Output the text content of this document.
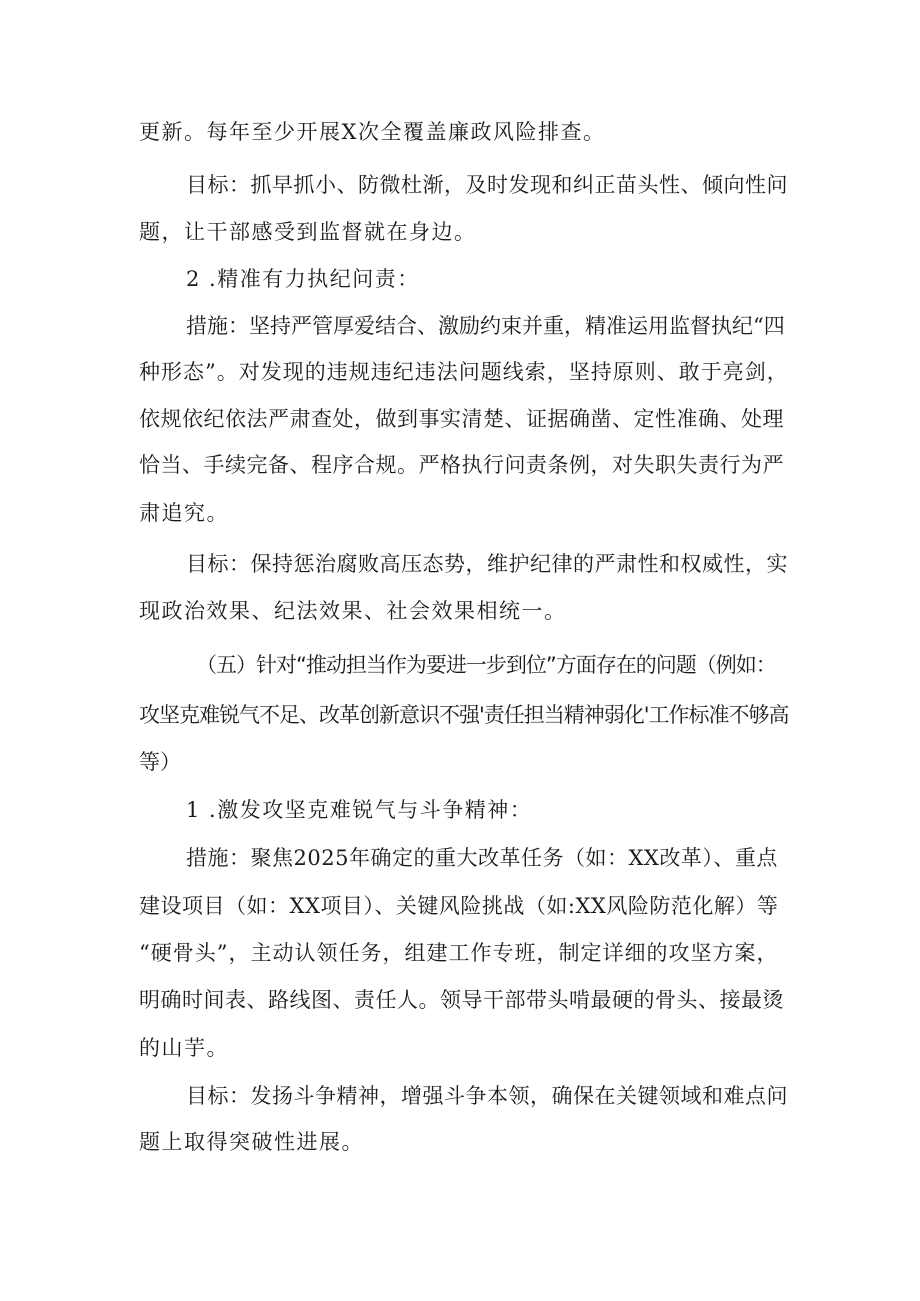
更新。每年至少开展X次全覆盖廉政风险排查。
目标：抓早抓小、防微杜渐，及时发现和纠正苗头性、倾向性问
题，让干部感受到监督就在身边。
2 .精准有力执纪问责：
措施：坚持严管厚爱结合、激励约束并重，精准运用监督执纪“四
种形态”。对发现的违规违纪违法问题线索，坚持原则、敢于亮剑，
依规依纪依法严肃查处，做到事实清楚、证据确凿、定性准确、处理
恰当、手续完备、程序合规。严格执行问责条例，对失职失责行为严
肃追究。
目标：保持惩治腐败高压态势，维护纪律的严肃性和权威性，实
现政治效果、纪法效果、社会效果相统一。
（五）针对“推动担当作为要进一步到位”方面存在的问题（例如：
攻坚克难锐气不足、改革创新意识不强'责任担当精神弱化'工作标准不够高
等）
1 .激发攻坚克难锐气与斗争精神：
措施：聚焦2025年确定的重大改革任务（如：XX改革）、重点
建设项目（如：XX项目）、关键风险挑战（如:XX风险防范化解）等
“硬骨头”，主动认领任务，组建工作专班，制定详细的攻坚方案，
明确时间表、路线图、责任人。领导干部带头啃最硬的骨头、接最烫
的山芋。
目标：发扬斗争精神，增强斗争本领，确保在关键领域和难点问
题上取得突破性进展。
